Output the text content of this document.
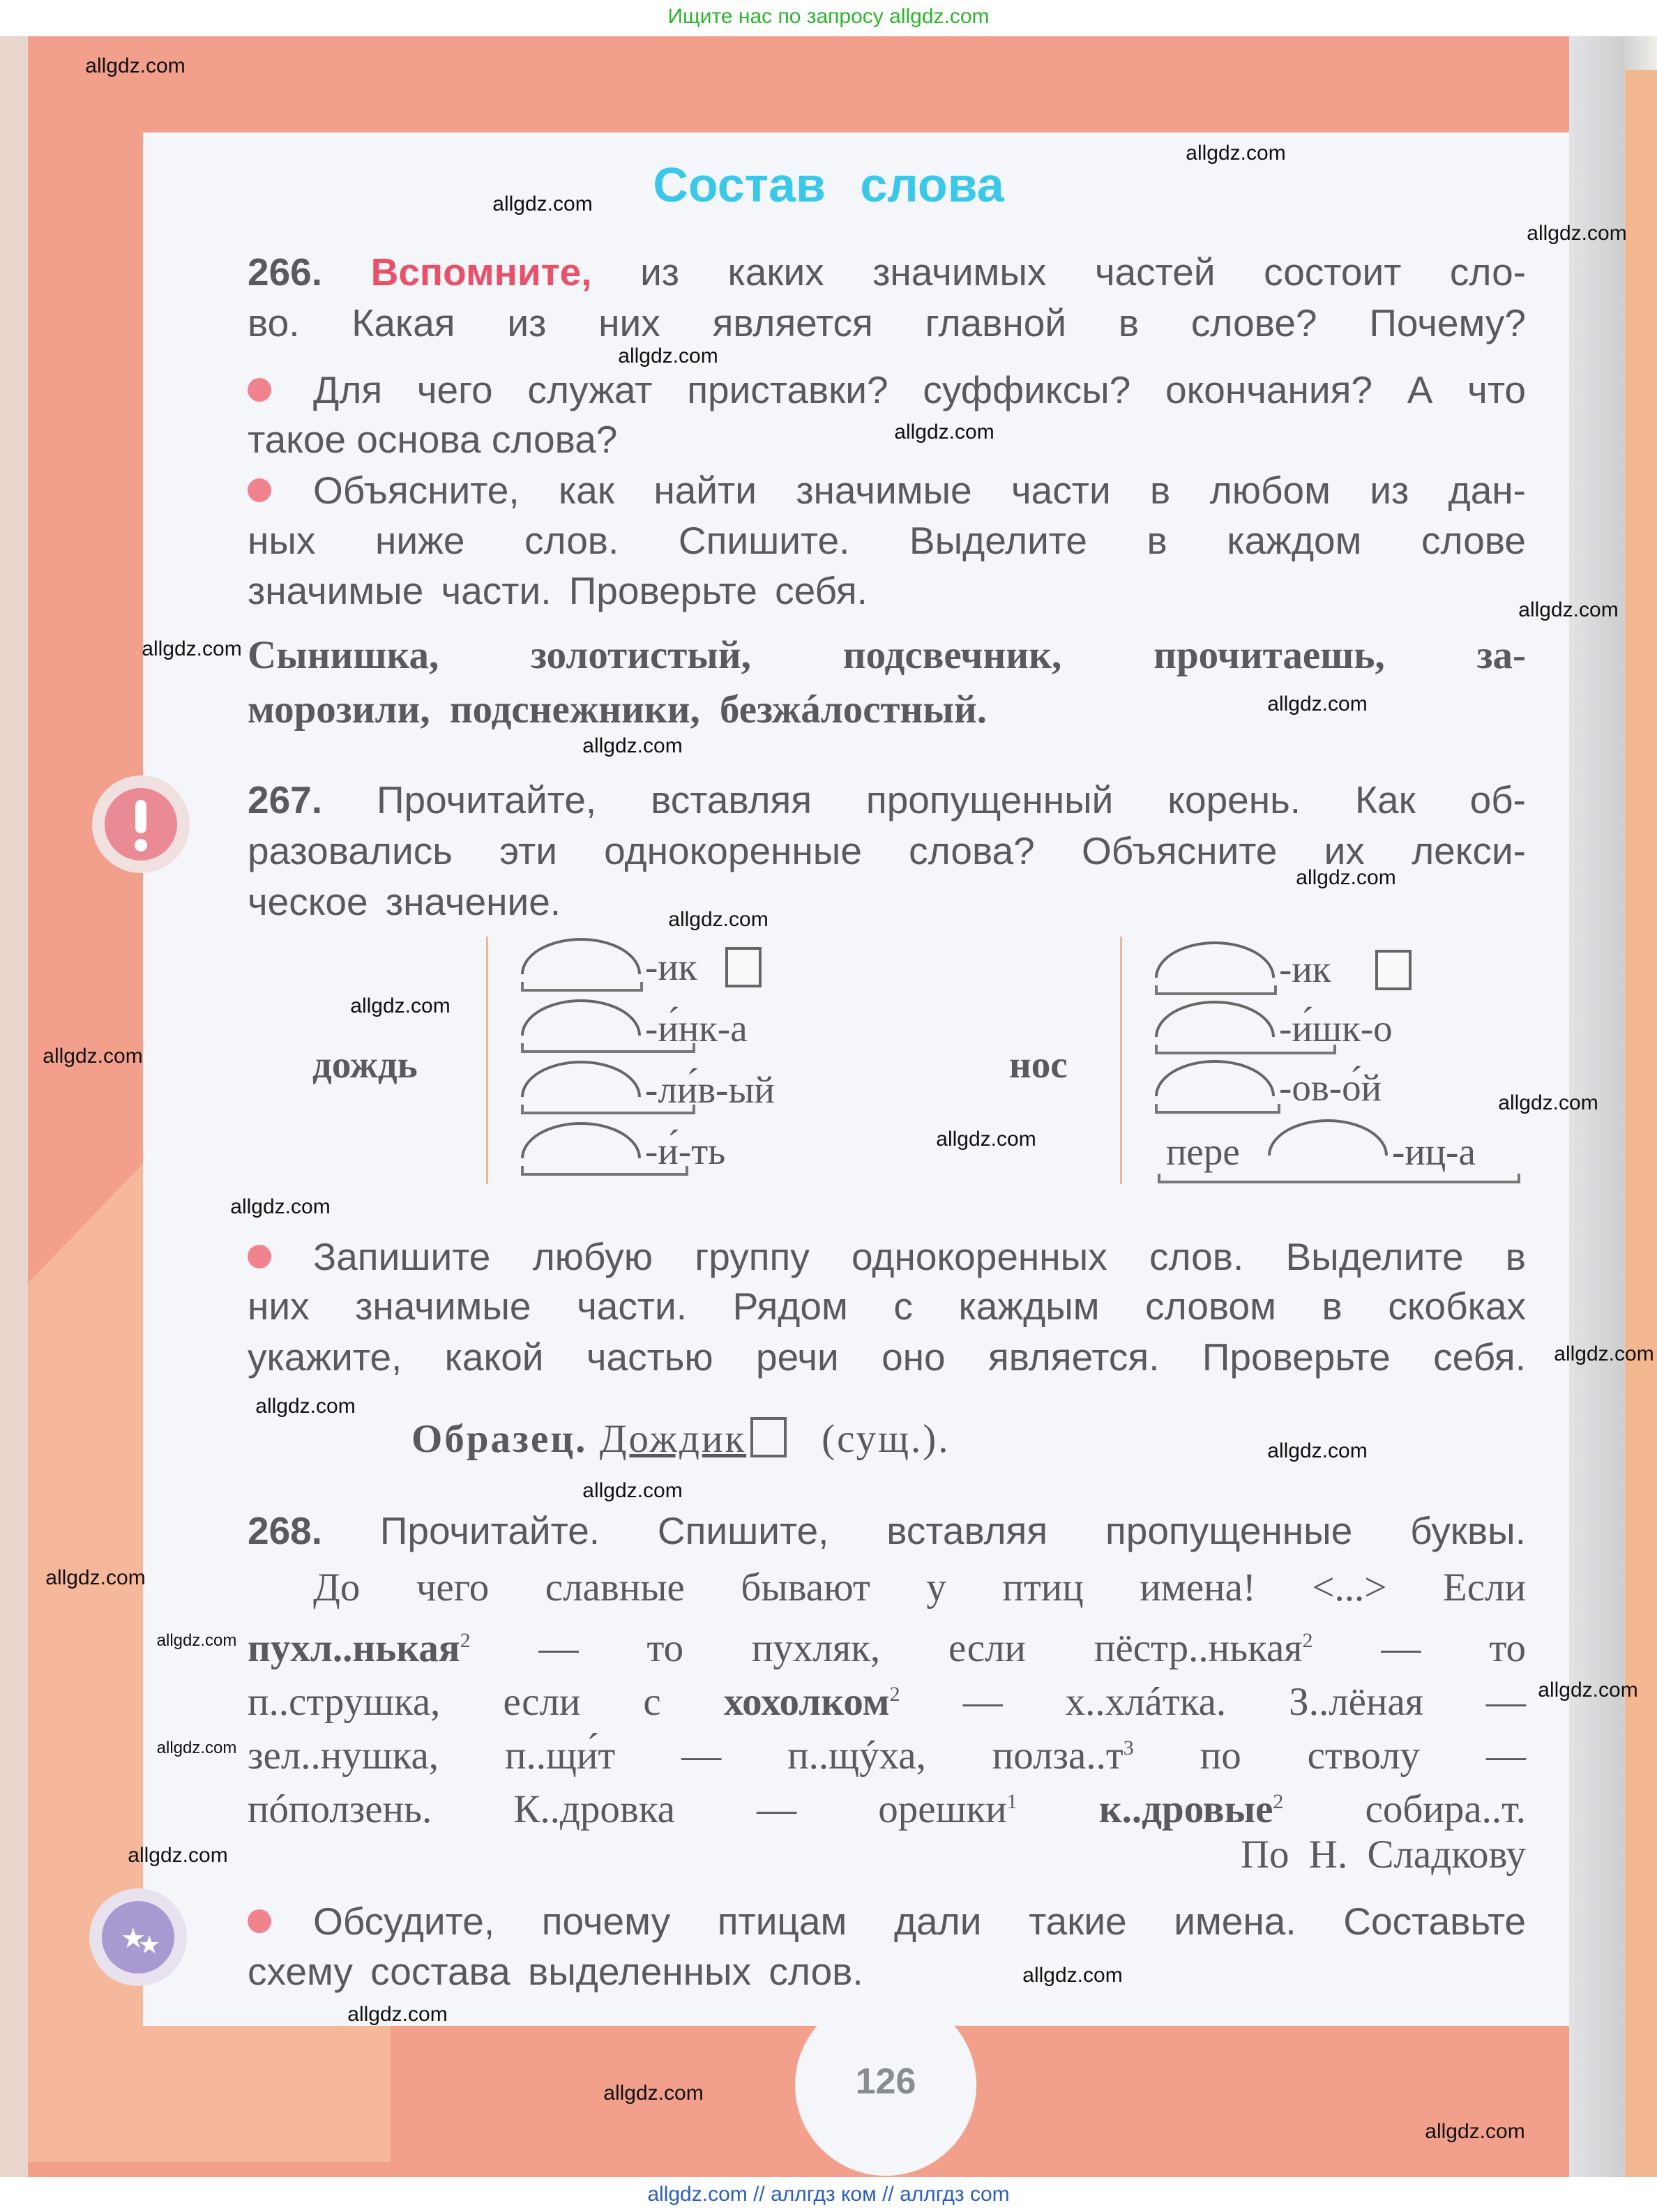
Ищите нас по запросу allgdz.com
126
Состав слова
266. Вспомните, из каких значимых частей состоит сло-
во. Какая из них является главной в слове? Почему?
Для чего служат приставки? суффиксы? окончания? А что
такое основа слова?
Объясните, как найти значимые части в любом из дан-
ных ниже слов. Спишите. Выделите в каждом слове
значимые части. Проверьте себя.
Сынишка, золотистый, подсвечник, прочитаешь, за-
морозили, подснежники, безжáлостный.
267. Прочитайте, вставляя пропущенный корень. Как об-
разовались эти однокоренные слова? Объясните их лекси-
ческое значение.
дождь
-ик
-и́нк-а
-ли́в-ый
-и́-ть
нос
-ик
-и́шк-о
-ов-о́й
пере	-иц-а
Запишите любую группу однокоренных слов. Выделите в
них значимые части. Рядом с каждым словом в скобках
укажите, какой частью речи оно является. Проверьте себя.
Образец. Дождик (сущ.).
268. Прочитайте. Спишите, вставляя пропущенные буквы.
До чего славные бывают у птиц имена! <...> Если
пухл..нькая$^2$ — то пухляк, если пёстр..нькая$^2$ — то
п..струшка, если с хохолком$^2$ — х..хлáтка. З..лёная —
зел..нушка, п..щи́т — п..щýха, $полза..т^3$ по стволу —
пóползень. К..дровка — орешки$^1$ к..дровые$^2$ собира..т.
По Н. Сладкову
★
★
Обсудите, почему птицам дали такие имена. Составьте
схему состава выделенных слов.
allgdz.com
allgdz.com
allgdz.com
allgdz.com
allgdz.com
allgdz.com
allgdz.com
allgdz.com
allgdz.com
allgdz.com
allgdz.com
allgdz.com
allgdz.com
allgdz.com
allgdz.com
allgdz.com
allgdz.com
allgdz.com
allgdz.com
allgdz.com
allgdz.com
allgdz.com
allgdz.com
allgdz.com
allgdz.com
allgdz.com
allgdz.com
allgdz.com
allgdz.com
allgdz.com
allgdz.com // аллгдз ком // аллгдз com
